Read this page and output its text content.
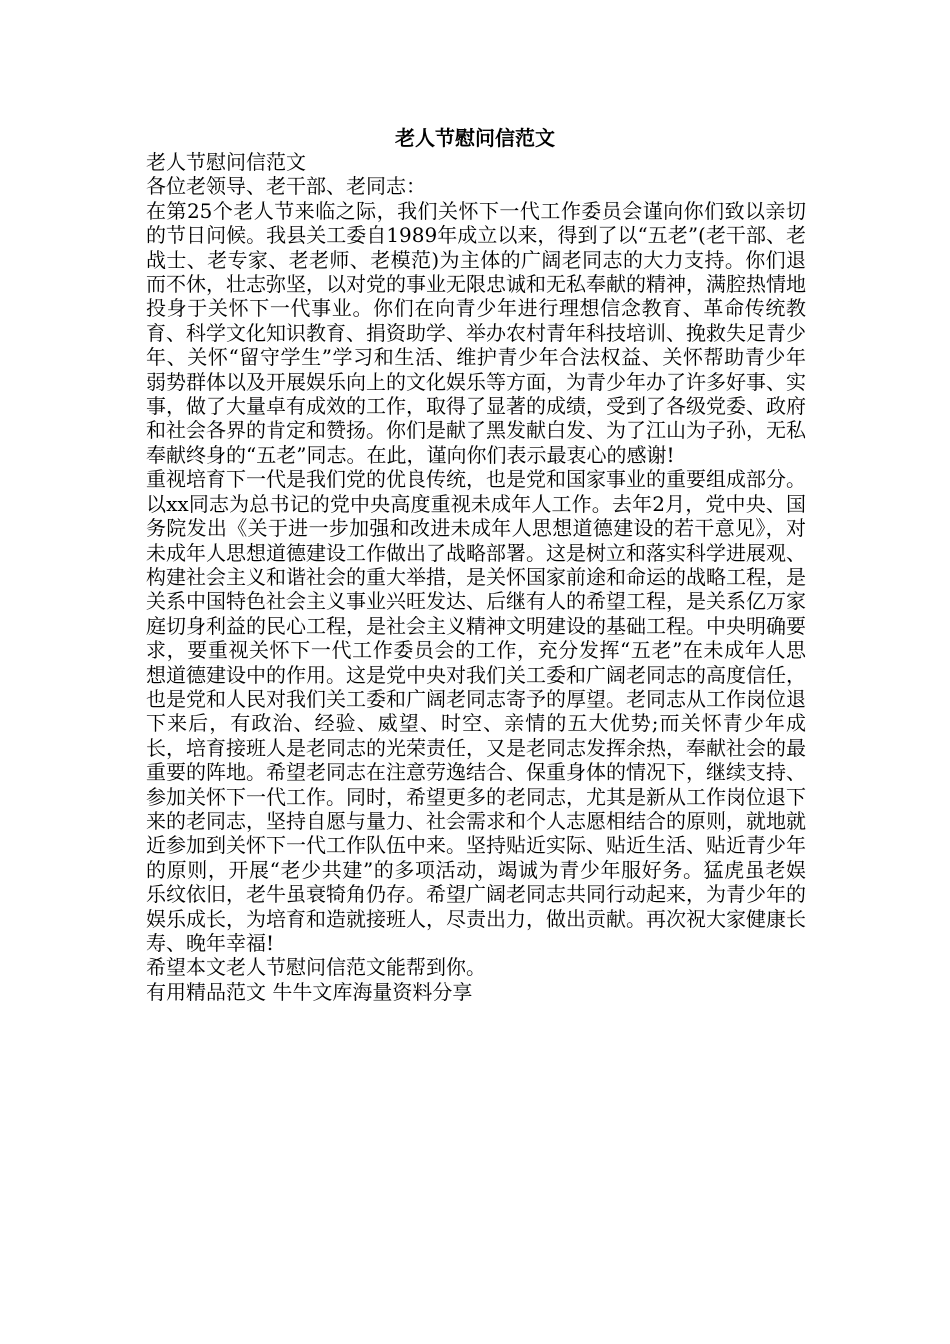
老人节慰问信范文

老人节慰问信范文

各位老领导、老干部、老同志：

在第25个老人节来临之际，我们关怀下一代工作委员会谨向你们致以亲切的节日问候。我县关工委自1989年成立以来，得到了以“五老”(老干部、老战士、老专家、老老师、老模范)为主体的广阔老同志的大力支持。你们退而不休，壮志弥坚，以对党的事业无限忠诚和无私奉献的精神，满腔热情地投身于关怀下一代事业。你们在向青少年进行理想信念教育、革命传统教育、科学文化知识教育、捐资助学、举办农村青年科技培训、挽救失足青少年、关怀“留守学生”学习和生活、维护青少年合法权益、关怀帮助青少年弱势群体以及开展娱乐向上的文化娱乐等方面，为青少年办了许多好事、实事，做了大量卓有成效的工作，取得了显著的成绩，受到了各级党委、政府和社会各界的肯定和赞扬。你们是献了黑发献白发、为了江山为子孙，无私奉献终身的“五老”同志。在此，谨向你们表示最衷心的感谢!

重视培育下一代是我们党的优良传统，也是党和国家事业的重要组成部分。以xx同志为总书记的党中央高度重视未成年人工作。去年2月，党中央、国务院发出《关于进一步加强和改进未成年人思想道德建设的若干意见》，对未成年人思想道德建设工作做出了战略部署。这是树立和落实科学进展观、构建社会主义和谐社会的重大举措，是关怀国家前途和命运的战略工程，是关系中国特色社会主义事业兴旺发达、后继有人的希望工程，是关系亿万家庭切身利益的民心工程，是社会主义精神文明建设的基础工程。中央明确要求，要重视关怀下一代工作委员会的工作，充分发挥“五老”在未成年人思想道德建设中的作用。这是党中央对我们关工委和广阔老同志的高度信任，也是党和人民对我们关工委和广阔老同志寄予的厚望。老同志从工作岗位退下来后，有政治、经验、威望、时空、亲情的五大优势;而关怀青少年成长，培育接班人是老同志的光荣责任，又是老同志发挥余热，奉献社会的最重要的阵地。希望老同志在注意劳逸结合、保重身体的情况下，继续支持、参加关怀下一代工作。同时，希望更多的老同志，尤其是新从工作岗位退下来的老同志，坚持自愿与量力、社会需求和个人志愿相结合的原则，就地就近参加到关怀下一代工作队伍中来。坚持贴近实际、贴近生活、贴近青少年的原则，开展“老少共建”的多项活动，竭诚为青少年服好务。猛虎虽老娱乐纹依旧，老牛虽衰犄角仍存。希望广阔老同志共同行动起来，为青少年的娱乐成长，为培育和造就接班人，尽责出力，做出贡献。再次祝大家健康长寿、晚年幸福!

希望本文老人节慰问信范文能帮到你。

有用精品范文 牛牛文库海量资料分享
